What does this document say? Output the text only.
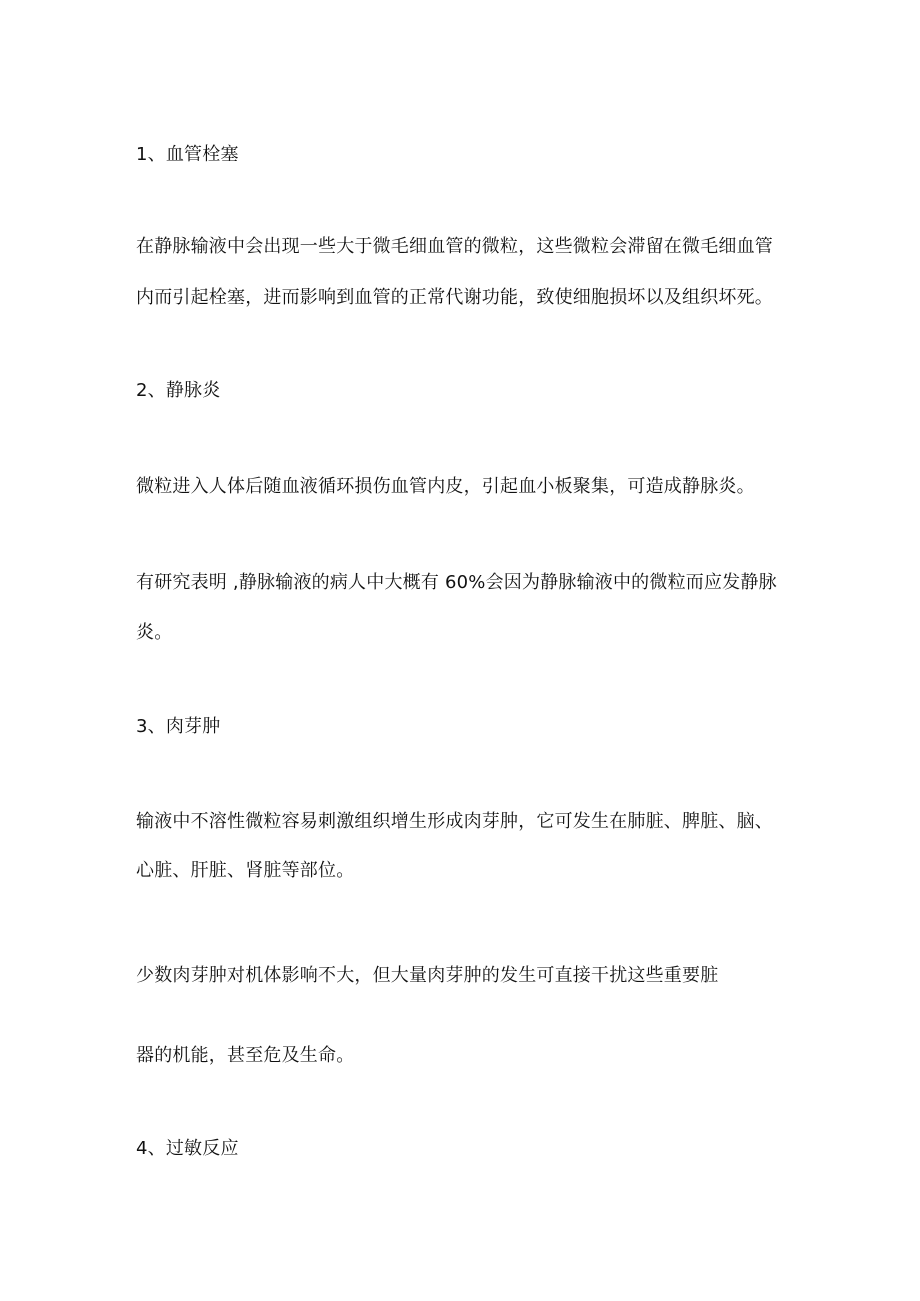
1、血管栓塞
在静脉输液中会出现一些大于微毛细血管的微粒，这些微粒会滞留在微毛细血管
内而引起栓塞，进而影响到血管的正常代谢功能，致使细胞损坏以及组织坏死。
2、静脉炎
微粒进入人体后随血液循环损伤血管内皮，引起血小板聚集，可造成静脉炎。
有研究表明 ,静脉输液的病人中大概有 60%会因为静脉输液中的微粒而应发静脉
炎。
3、肉芽肿
输液中不溶性微粒容易刺激组织增生形成肉芽肿，它可发生在肺脏、脾脏、脑、
心脏、肝脏、肾脏等部位。
少数肉芽肿对机体影响不大，但大量肉芽肿的发生可直接干扰这些重要脏
器的机能，甚至危及生命。
4、过敏反应
